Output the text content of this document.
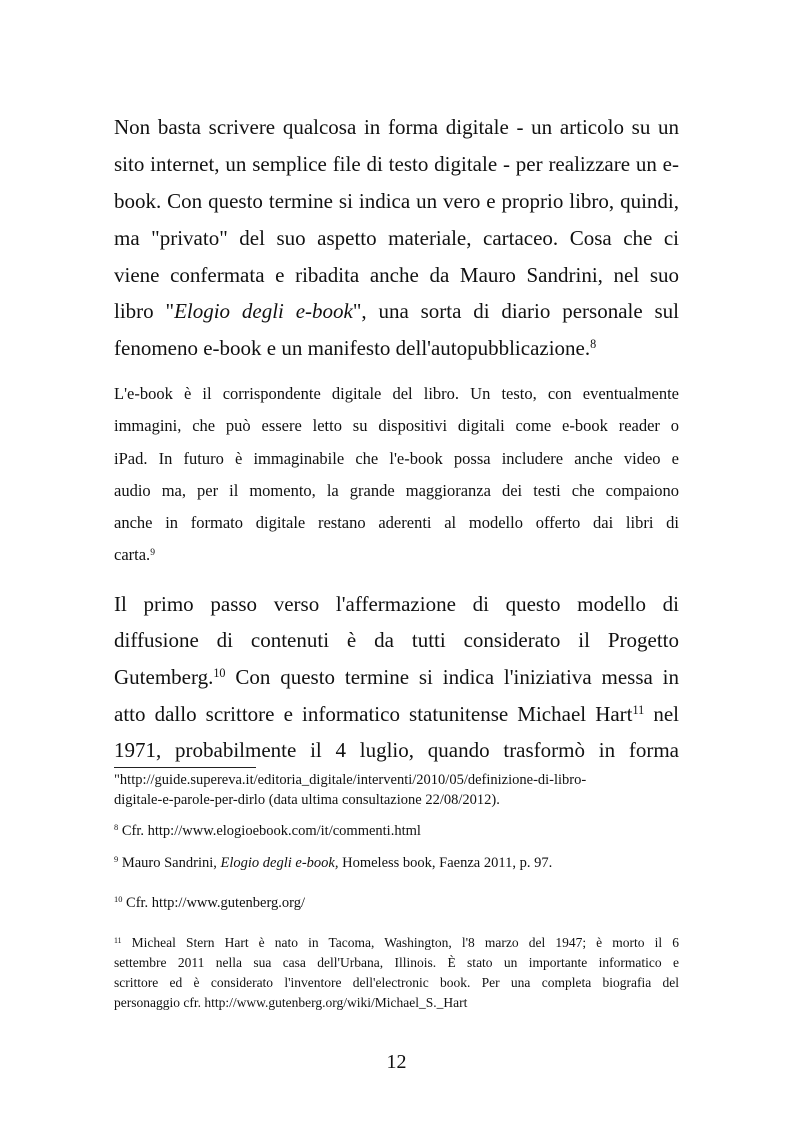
Non basta scrivere qualcosa in forma digitale - un articolo su un
sito internet, un semplice file di testo digitale - per realizzare un e-
book. Con questo termine si indica un vero e proprio libro, quindi,
ma "privato" del suo aspetto materiale, cartaceo. Cosa che ci
viene confermata e ribadita anche da Mauro Sandrini, nel suo
libro "Elogio degli e-book", una sorta di diario personale sul
fenomeno e-book e un manifesto dell'autopubblicazione.$^8$
L'e-book è il corrispondente digitale del libro. Un testo, con eventualmente
immagini, che può essere letto su dispositivi digitali come e-book reader o
iPad. In futuro è immaginabile che l'e-book possa includere anche video e
audio ma, per il momento, la grande maggioranza dei testi che compaiono
anche in formato digitale restano aderenti al modello offerto dai libri di
carta.$^9$
Il primo passo verso l'affermazione di questo modello di
diffusione di contenuti è da tutti considerato il Progetto
Gutemberg.$^{10}$ Con questo termine si indica l'iniziativa messa in
atto dallo scrittore e informatico statunitense Michael Hart$^{11}$ nel
1971, probabilmente il 4 luglio, quando trasformò in forma
"http://guide.supereva.it/editoria_digitale/interventi/2010/05/definizione-di-libro-
digitale-e-parole-per-dirlo (data ultima consultazione 22/08/2012).
$^8$ Cfr. http://www.elogioebook.com/it/commenti.html
$^9$ Mauro Sandrini, Elogio degli e-book, Homeless book, Faenza 2011, p. 97.
$^{10}$ Cfr. http://www.gutenberg.org/
$^{11}$ Micheal Stern Hart è nato in Tacoma, Washington, l'8 marzo del 1947; è morto il 6
settembre 2011 nella sua casa dell'Urbana, Illinois. È stato un importante informatico e
scrittore ed è considerato l'inventore dell'electronic book. Per una completa biografia del
personaggio cfr. http://www.gutenberg.org/wiki/Michael_S._Hart
12
